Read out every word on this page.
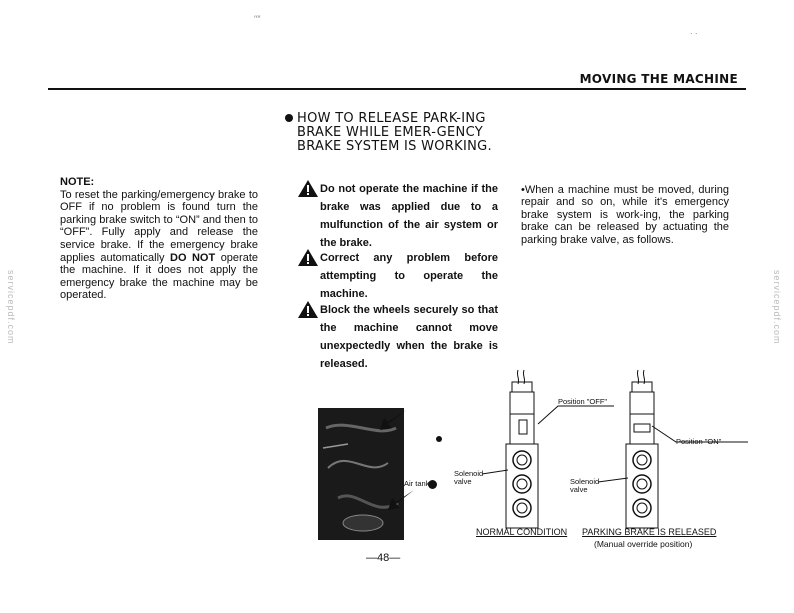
′′″
. .
servicepdf.com	servicepdf.com
MOVING THE MACHINE
NOTE:
To reset the parking/emergency brake to OFF if no problem is found turn the parking brake switch to “ON” and then to “OFF”. Fully apply and release the service brake. If the emergency brake applies automatically DO NOT operate the machine. If it does not apply the emergency brake the machine may be operated.
HOW TO RELEASE PARK-ING BRAKE WHILE EMER-GENCY BRAKE SYSTEM IS WORKING.
Do not operate the machine if the brake was applied due to a mulfunction of the air system or the brake.
Correct any problem before attempting to operate the machine.
Block the wheels securely so that the machine cannot move unexpectedly when the brake is released.
•When a machine must be moved, during repair and so on, while it's emergency brake system is work-ing, the parking brake can be released by actuating the parking brake valve, as follows.
Air tank
Solenoid valve
Position "OFF"
Solenoid valve
Position "ON"
NORMAL CONDITION PARKING BRAKE IS RELEASED
(Manual override position)
—48—
